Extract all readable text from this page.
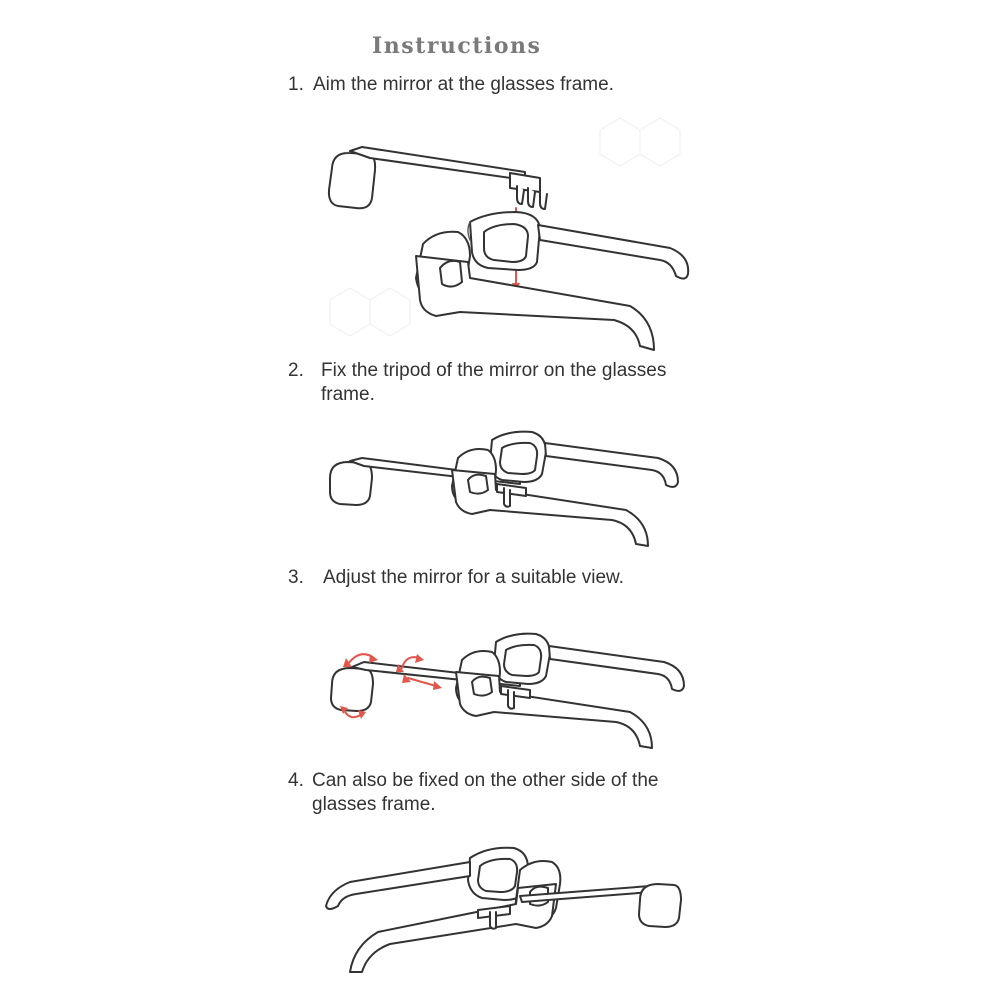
Instructions
1. Aim the mirror at the glasses frame.
2. Fix the tripod of the mirror on the glasses
frame.
3. Adjust the mirror for a suitable view.
4. Can also be fixed on the other side of the
glasses frame.
